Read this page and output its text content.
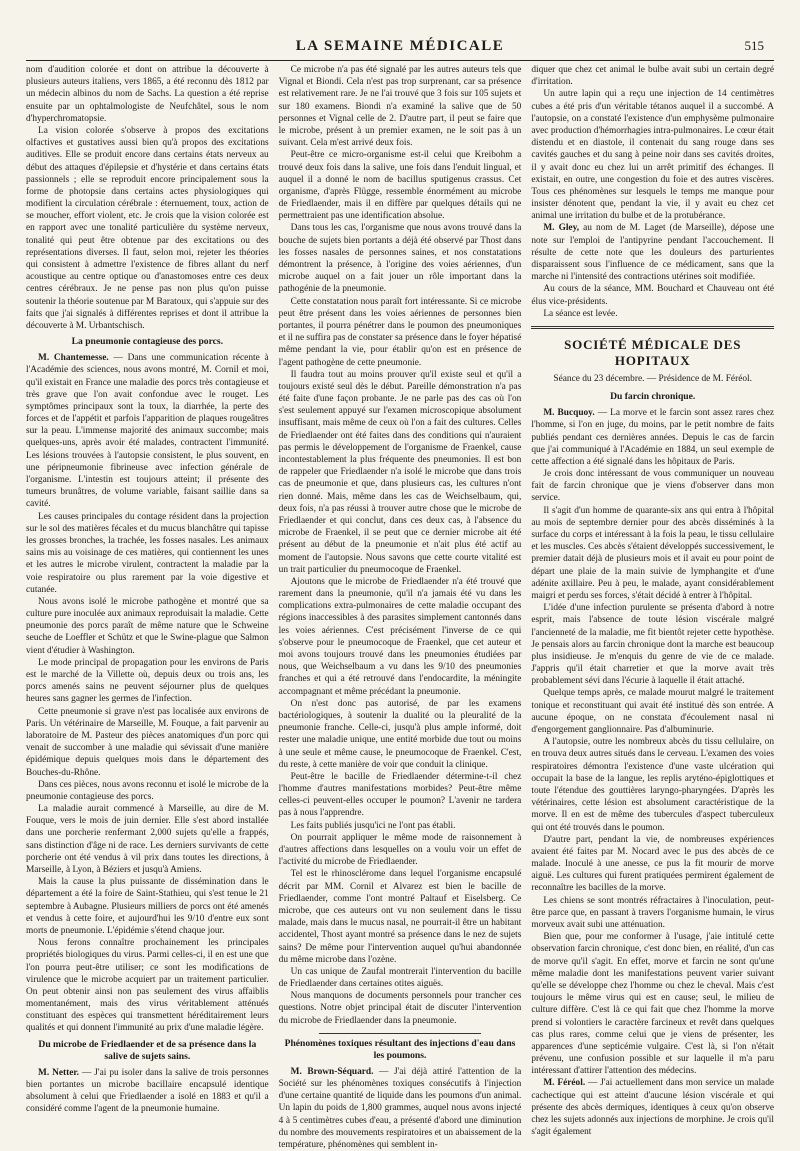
LA SEMAINE MÉDICALE	515

nom d'audition colorée et dont on attribue la découverte à plusieurs auteurs italiens, vers 1865, a été reconnu dès 1812 par un médecin albinos du nom de Sachs. La question a été reprise ensuite par un ophtalmologiste de Neufchâtel, sous le nom d'hyperchromatopsie.

La vision colorée s'observe à propos des excitations olfactives et gustatives aussi bien qu'à propos des excitations auditives. Elle se produit encore dans certains états nerveux au début des attaques d'épilepsie et d'hystérie et dans certains états passionnels ; elle se reproduit encore principalement sous la forme de photopsie dans certains actes physiologiques qui modifient la circulation cérébrale : éternuement, toux, action de se moucher, effort violent, etc. Je crois que la vision colorée est en rapport avec une tonalité particulière du système nerveux, tonalité qui peut être obtenue par des excitations ou des représentations diverses. Il faut, selon moi, rejeter les théories qui consistent à admettre l'existence de fibres allant du nerf acoustique au centre optique ou d'anastomoses entre ces deux centres cérébraux. Je ne pense pas non plus qu'on puisse soutenir la théorie soutenue par M Baratoux, qui s'appuie sur des faits que j'ai signalés à différentes reprises et dont il attribue la découverte à M. Urbantschisch.

La pneumonie contagieuse des porcs.

M. Chantemesse. — Dans une communication récente à l'Académie des sciences, nous avons montré, M. Cornil et moi, qu'il existait en France une maladie des porcs très contagieuse et très grave que l'on avait confondue avec le rouget. Les symptômes principaux sont la toux, la diarrhée, la perte des forces et de l'appétit et parfois l'apparition de plaques rougeâtres sur la peau. L'immense majorité des animaux succombe; mais quelques-uns, après avoir été malades, contractent l'immunité. Les lésions trouvées à l'autopsie consistent, le plus souvent, en une péripneumonie fibrineuse avec infection générale de l'organisme. L'intestin est toujours atteint; il présente des tumeurs brunâtres, de volume variable, faisant saillie dans sa cavité.

Les causes principales du contage résident dans la projection sur le sol des matières fécales et du mucus blanchâtre qui tapisse les grosses bronches, la trachée, les fosses nasales. Les animaux sains mis au voisinage de ces matières, qui contiennent les unes et les autres le microbe virulent, contractent la maladie par la voie respiratoire ou plus rarement par la voie digestive et cutanée.

Nous avons isolé le microbe pathogène et montré que sa culture pure inoculée aux animaux reproduisait la maladie. Cette pneumonie des porcs paraît de même nature que le Schweine seuche de Loeffler et Schütz et que le Swine-plague que Salmon vient d'étudier à Washington.

Le mode principal de propagation pour les environs de Paris est le marché de la Villette où, depuis deux ou trois ans, les porcs amenés sains ne peuvent séjourner plus de quelques heures sans gagner les germes de l'infection.

Cette pneumonie si grave n'est pas localisée aux environs de Paris. Un vétérinaire de Marseille, M. Fouque, a fait parvenir au laboratoire de M. Pasteur des pièces anatomiques d'un porc qui venait de succomber à une maladie qui sévissait d'une manière épidémique depuis quelques mois dans le département des Bouches-du-Rhône.

Dans ces pièces, nous avons reconnu et isolé le microbe de la pneumonie contagieuse des porcs.

La maladie aurait commencé à Marseille, au dire de M. Fouque, vers le mois de juin dernier. Elle s'est abord installée dans une porcherie renfermant 2,000 sujets qu'elle a frappés, sans distinction d'âge ni de race. Les derniers survivants de cette porcherie ont été vendus à vil prix dans toutes les directions, à Marseille, à Lyon, à Béziers et jusqu'à Amiens.

Mais la cause la plus puissante de dissémination dans le département a été la foire de Saint-Stathieu, qui s'est tenue le 21 septembre à Aubagne. Plusieurs milliers de porcs ont été amenés et vendus à cette foire, et aujourd'hui les 9/10 d'entre eux sont morts de pneumonie. L'épidémie s'étend chaque jour.

Nous ferons connaître prochainement les principales propriétés biologiques du virus. Parmi celles-ci, il en est une que l'on pourra peut-être utiliser; ce sont les modifications de virulence que le microbe acquiert par un traitement particulier. On peut obtenir ainsi non pas seulement des virus affaiblis momentanément, mais des virus véritablement atténués constituant des espèces qui transmettent héréditairement leurs qualités et qui donnent l'immunité au prix d'une maladie légère.

Du microbe de Friedlaender et de sa présence dans la salive de sujets sains.

M. Netter. — J'ai pu isoler dans la salive de trois personnes bien portantes un microbe bacillaire encapsulé identique absolument à celui que Friedlaender a isolé en 1883 et qu'il a considéré comme l'agent de la pneumonie humaine.

Ce microbe n'a pas été signalé par les autres auteurs tels que Vignal et Biondi. Cela n'est pas trop surprenant, car sa présence est relativement rare. Je ne l'ai trouvé que 3 fois sur 105 sujets et sur 180 examens. Biondi n'a examiné la salive que de 50 personnes et Vignal celle de 2. D'autre part, il peut se faire que le microbe, présent à un premier examen, ne le soit pas à un suivant. Cela m'est arrivé deux fois.

Peut-être ce micro-organisme est-il celui que Kreibohm a trouvé deux fois dans la salive, une fois dans l'enduit lingual, et auquel il a donné le nom de bacillus sputigenus crassus. Cet organisme, d'après Flügge, ressemble énormément au microbe de Friedlaender, mais il en diffère par quelques détails qui ne permettraient pas une identification absolue.

Dans tous les cas, l'organisme que nous avons trouvé dans la bouche de sujets bien portants a déjà été observé par Thost dans les fosses nasales de personnes saines, et nos constatations démontrent la présence, à l'origine des voies aériennes, d'un microbe auquel on a fait jouer un rôle important dans la pathogénie de la pneumonie.

Cette constatation nous paraît fort intéressante. Si ce microbe peut être présent dans les voies aériennes de personnes bien portantes, il pourra pénétrer dans le poumon des pneumoniques et il ne suffira pas de constater sa présence dans le foyer hépatisé même pendant la vie, pour établir qu'on est en présence de l'agent pathogène de cette pneumonie.

Il faudra tout au moins prouver qu'il existe seul et qu'il a toujours existé seul dès le début. Pareille démonstration n'a pas été faite d'une façon probante. Je ne parle pas des cas où l'on s'est seulement appuyé sur l'examen microscopique absolument insuffisant, mais même de ceux où l'on a fait des cultures. Celles de Friedlaender ont été faites dans des conditions qui n'auraient pas permis le développement de l'organisme de Fraenkel, cause incontestablement la plus fréquente des pneumonies. Il est bon de rappeler que Friedlaender n'a isolé le microbe que dans trois cas de pneumonie et que, dans plusieurs cas, les cultures n'ont rien donné. Mais, même dans les cas de Weichselbaum, qui, deux fois, n'a pas réussi à trouver autre chose que le microbe de Friedlaender et qui conclut, dans ces deux cas, à l'absence du microbe de Fraenkel, il se peut que ce dernier microbe ait été présent au début de la pneumonie et n'ait plus été actif au moment de l'autopsie. Nous savons que cette courte vitalité est un trait particulier du pneumocoque de Fraenkel.

Ajoutons que le microbe de Friedlaender n'a été trouvé que rarement dans la pneumonie, qu'il n'a jamais été vu dans les complications extra-pulmonaires de cette maladie occupant des régions inaccessibles à des parasites simplement cantonnés dans les voies aériennes. C'est précisément l'inverse de ce qui s'observe pour le pneumocoque de Fraenkel, que cet auteur et moi avons toujours trouvé dans les pneumonies étudiées par nous, que Weichselbaum a vu dans les 9/10 des pneumonies franches et qui a été retrouvé dans l'endocardite, la méningite accompagnant et même précédant la pneumonie.

On n'est donc pas autorisé, de par les examens bactériologiques, à soutenir la dualité ou la pleuralité de la pneumonie franche. Celle-ci, jusqu'à plus ample informé, doit rester une maladie unique, une entité morbide due tout ou moins à une seule et même cause, le pneumocoque de Fraenkel. C'est, du reste, à cette manière de voir que conduit la clinique.

Peut-être le bacille de Friedlaender détermine-t-il chez l'homme d'autres manifestations morbides? Peut-être même celles-ci peuvent-elles occuper le poumon? L'avenir ne tardera pas à nous l'apprendre.

Les faits publiés jusqu'ici ne l'ont pas établi.

On pourrait appliquer le même mode de raisonnement à d'autres affections dans lesquelles on a voulu voir un effet de l'activité du microbe de Friedlaender.

Tel est le rhinosclérome dans lequel l'organisme encapsulé décrit par MM. Cornil et Alvarez est bien le bacille de Friedlaender, comme l'ont montré Paltauf et Eiselsberg. Ce microbe, que ces auteurs ont vu non seulement dans le tissu malade, mais dans le mucus nasal, ne pourrait-il être un habitant accidentel, Thost ayant montré sa présence dans le nez de sujets sains? De même pour l'intervention auquel qu'hui abandonnée du même microbe dans l'ozène.

Un cas unique de Zaufal montrerait l'intervention du bacille de Friedlaender dans certaines otites aiguës.

Nous manquons de documents personnels pour trancher ces questions. Notre objet principal était de discuter l'intervention du microbe de Friedlaender dans la pneumonie.

Phénomènes toxiques résultant des injections d'eau dans les poumons.

M. Brown-Séquard. — J'ai déjà attiré l'attention de la Société sur les phénomènes toxiques consécutifs à l'injection d'une certaine quantité de liquide dans les poumons d'un animal. Un lapin du poids de 1,800 grammes, auquel nous avons injecté 4 à 5 centimètres cubes d'eau, a présenté d'abord une diminution du nombre des mouvements respiratoires et un abaissement de la température, phénomènes qui semblent in-

diquer que chez cet animal le bulbe avait subi un certain degré d'irritation.

Un autre lapin qui a reçu une injection de 14 centimètres cubes a été pris d'un véritable tétanos auquel il a succombé. A l'autopsie, on a constaté l'existence d'un emphysème pulmonaire avec production d'hémorrhagies intra-pulmonaires. Le cœur était distendu et en diastole, il contenait du sang rouge dans ses cavités gauches et du sang à peine noir dans ses cavités droites, il y avait donc eu chez lui un arrêt primitif des échanges. Il existait, en outre, une congestion du foie et des autres viscères. Tous ces phénomènes sur lesquels le temps me manque pour insister dénotent que, pendant la vie, il y avait eu chez cet animal une irritation du bulbe et de la protubérance.

M. Gley, au nom de M. Laget (de Marseille), dépose une note sur l'emploi de l'antipyrine pendant l'accouchement. Il résulte de cette note que les douleurs des parturientes disparaissent sous l'influence de ce médicament, sans que la marche ni l'intensité des contractions utérines soit modifiée.

Au cours de la séance, MM. Bouchard et Chauveau ont été élus vice-présidents.

La séance est levée.

SOCIÉTÉ MÉDICALE DES HOPITAUX
Séance du 23 décembre. — Présidence de M. Féréol.
Du farcin chronique.

M. Bucquoy. — La morve et le farcin sont assez rares chez l'homme, si l'on en juge, du moins, par le petit nombre de faits publiés pendant ces dernières années. Depuis le cas de farcin que j'ai communiqué à l'Académie en 1884, un seul exemple de cette affection a été signalé dans les hôpitaux de Paris.

Je crois donc intéressant de vous communiquer un nouveau fait de farcin chronique que je viens d'observer dans mon service.

Il s'agit d'un homme de quarante-six ans qui entra à l'hôpital au mois de septembre dernier pour des abcès disséminés à la surface du corps et intéressant à la fois la peau, le tissu cellulaire et les muscles. Ces abcès s'étaient développés successivement, le premier datait déjà de plusieurs mois et il avait eu pour point de départ une plaie de la main suivie de lymphangite et d'une adénite axillaire. Peu à peu, le malade, ayant considérablement maigri et perdu ses forces, s'était décidé à entrer à l'hôpital.

L'idée d'une infection purulente se présenta d'abord à notre esprit, mais l'absence de toute lésion viscérale malgré l'ancienneté de la maladie, me fit bientôt rejeter cette hypothèse. Je pensais alors au farcin chronique dont la marche est beaucoup plus insidieuse. Je m'enquis du genre de vie de ce malade. J'appris qu'il était charretier et que la morve avait très probablement sévi dans l'écurie à laquelle il était attaché.

Quelque temps après, ce malade mourut malgré le traitement tonique et reconstituant qui avait été institué dès son entrée. A aucune époque, on ne constata d'écoulement nasal ni d'engorgement ganglionnaire. Pas d'albuminurie.

A l'autopsie, outre les nombreux abcès du tissu cellulaire, on en trouva deux autres situés dans le cerveau. L'examen des voies respiratoires démontra l'existence d'une vaste ulcération qui occupait la base de la langue, les replis aryténo-épiglottiques et toute l'étendue des gouttières laryngo-pharyngées. D'après les vétérinaires, cette lésion est absolument caractéristique de la morve. Il en est de même des tubercules d'aspect tuberculeux qui ont été trouvés dans le poumon.

D'autre part, pendant la vie, de nombreuses expériences avaient été faites par M. Nocard avec le pus des abcès de ce malade. Inoculé à une anesse, ce pus la fit mourir de morve aiguë. Les cultures qui furent pratiquées permirent également de reconnaître les bacilles de la morve.

Les chiens se sont montrés réfractaires à l'inoculation, peut-être parce que, en passant à travers l'organisme humain, le virus morveux avait subi une atténuation.

Bien que, pour me conformer à l'usage, j'aie intitulé cette observation farcin chronique, c'est donc bien, en réalité, d'un cas de morve qu'il s'agit. En effet, morve et farcin ne sont qu'une même maladie dont les manifestations peuvent varier suivant qu'elle se développe chez l'homme ou chez le cheval. Mais c'est toujours le même virus qui est en cause; seul, le milieu de culture diffère. C'est là ce qui fait que chez l'homme la morve prend si volontiers le caractère farcineux et revêt dans quelques cas plus rares, comme celui que je viens de présenter, les apparences d'une septicémie vulgaire. C'est là, si l'on n'était prévenu, une confusion possible et sur laquelle il m'a paru intéressant d'attirer l'attention des médecins.

M. Féréol. — J'ai actuellement dans mon service un malade cachectique qui est atteint d'aucune lésion viscérale et qui présente des abcès dermiques, identiques à ceux qu'on observe chez les sujets adonnés aux injections de morphine. Je crois qu'il s'agit également
